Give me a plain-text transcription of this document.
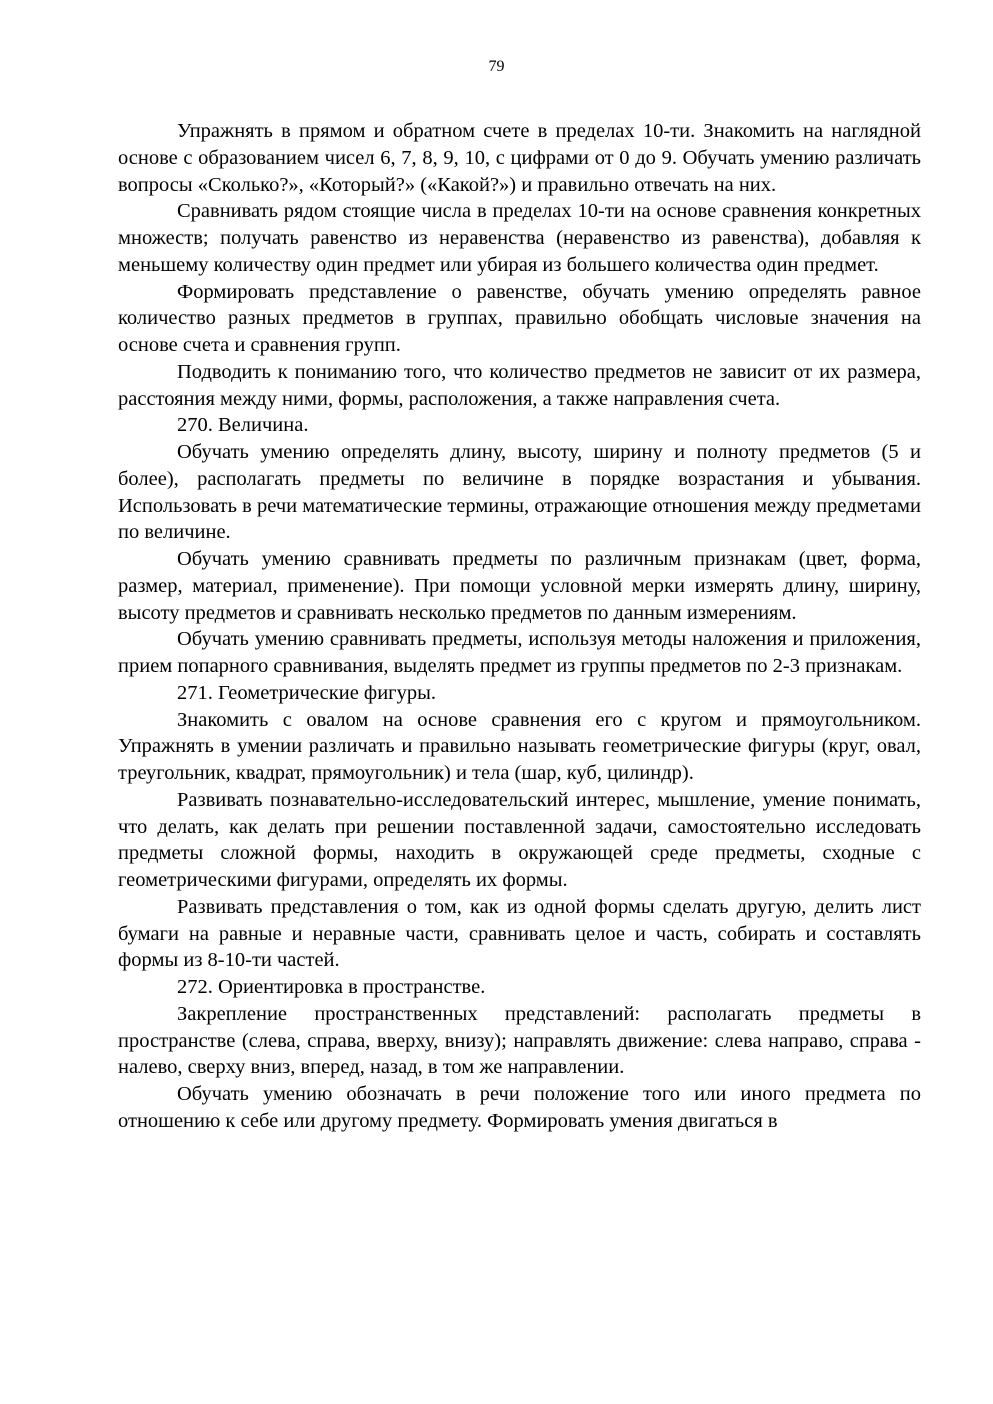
79

Упражнять в прямом и обратном счете в пределах 10-ти. Знакомить на наглядной основе с образованием чисел 6, 7, 8, 9, 10, с цифрами от 0 до 9. Обучать умению различать вопросы «Сколько?», «Который?» («Какой?») и правильно отвечать на них.

Сравнивать рядом стоящие числа в пределах 10-ти на основе сравнения конкретных множеств; получать равенство из неравенства (неравенство из равенства), добавляя к меньшему количеству один предмет или убирая из большего количества один предмет.

Формировать представление о равенстве, обучать умению определять равное количество разных предметов в группах, правильно обобщать числовые значения на основе счета и сравнения групп.

Подводить к пониманию того, что количество предметов не зависит от их размера, расстояния между ними, формы, расположения, а также направления счета.

270. Величина.

Обучать умению определять длину, высоту, ширину и полноту предметов (5 и более), располагать предметы по величине в порядке возрастания и убывания. Использовать в речи математические термины, отражающие отношения между предметами по величине.

Обучать умению сравнивать предметы по различным признакам (цвет, форма, размер, материал, применение). При помощи условной мерки измерять длину, ширину, высоту предметов и сравнивать несколько предметов по данным измерениям.

Обучать умению сравнивать предметы, используя методы наложения и приложения, прием попарного сравнивания, выделять предмет из группы предметов по 2-3 признакам.

271. Геометрические фигуры.

Знакомить с овалом на основе сравнения его с кругом и прямоугольником. Упражнять в умении различать и правильно называть геометрические фигуры (круг, овал, треугольник, квадрат, прямоугольник) и тела (шар, куб, цилиндр).

Развивать познавательно-исследовательский интерес, мышление, умение понимать, что делать, как делать при решении поставленной задачи, самостоятельно исследовать предметы сложной формы, находить в окружающей среде предметы, сходные с геометрическими фигурами, определять их формы.

Развивать представления о том, как из одной формы сделать другую, делить лист бумаги на равные и неравные части, сравнивать целое и часть, собирать и составлять формы из 8-10-ти частей.

272. Ориентировка в пространстве.

Закрепление пространственных представлений: располагать предметы в пространстве (слева, справа, вверху, внизу); направлять движение: слева направо, справа - налево, сверху вниз, вперед, назад, в том же направлении.

Обучать умению обозначать в речи положение того или иного предмета по отношению к себе или другому предмету. Формировать умения двигаться в
